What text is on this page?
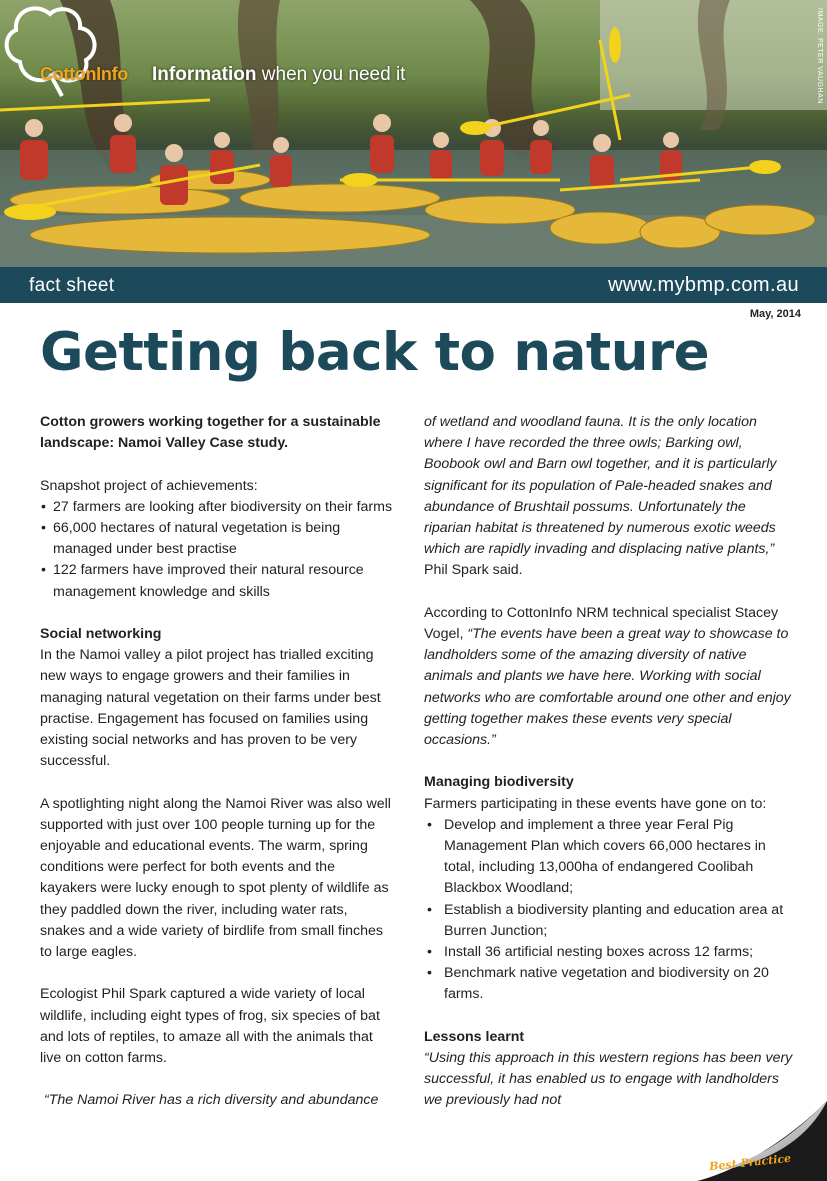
CottonInfo Information when you need it	IMAGE: PETER VAUGHAN
fact sheet	www.mybmp.com.au
May, 2014
Getting back to nature

Cotton growers working together for a sustainable landscape: Namoi Valley Case study.

Snapshot project of achievements:
• 27 farmers are looking after biodiversity on their farms
• 66,000 hectares of natural vegetation is being managed under best practise
• 122 farmers have improved their natural resource management knowledge and skills
Social networking

In the Namoi valley a pilot project has trialled exciting new ways to engage growers and their families in managing natural vegetation on their farms under best practise. Engagement has focused on families using existing social networks and has proven to be very successful.

A spotlighting night along the Namoi River was also well supported with just over 100 people turning up for the enjoyable and educational events. The warm, spring conditions were perfect for both events and the kayakers were lucky enough to spot plenty of wildlife as they paddled down the river, including water rats, snakes and a wide variety of birdlife from small finches to large eagles.

Ecologist Phil Spark captured a wide variety of local wildlife, including eight types of frog, six species of bat and lots of reptiles, to amaze all with the animals that live on cotton farms.

“The Namoi River has a rich diversity and abundance

of wetland and woodland fauna. It is the only location where I have recorded the three owls; Barking owl, Boobook owl and Barn owl together, and it is particularly significant for its population of Pale-headed snakes and abundance of Brushtail possums. Unfortunately the riparian habitat is threatened by numerous exotic weeds which are rapidly invading and displacing native plants,” Phil Spark said.

According to CottonInfo NRM technical specialist Stacey Vogel, “The events have been a great way to showcase to landholders some of the amazing diversity of native animals and plants we have here. Working with social networks who are comfortable around one other and enjoy getting together makes these events very special occasions.”

Managing biodiversity
Farmers participating in these events have gone on to:
• Develop and implement a three year Feral Pig Management Plan which covers 66,000 hectares in total, including 13,000ha of endangered Coolibah Blackbox Woodland;
• Establish a biodiversity planting and education area at Burren Junction;
• Install 36 artificial nesting boxes across 12 farms;
• Benchmark native vegetation and biodiversity on 20 farms.
Lessons learnt
“Using this approach in this western regions has been very successful, it has enabled us to engage with landholders we previously had not
Best Practice
